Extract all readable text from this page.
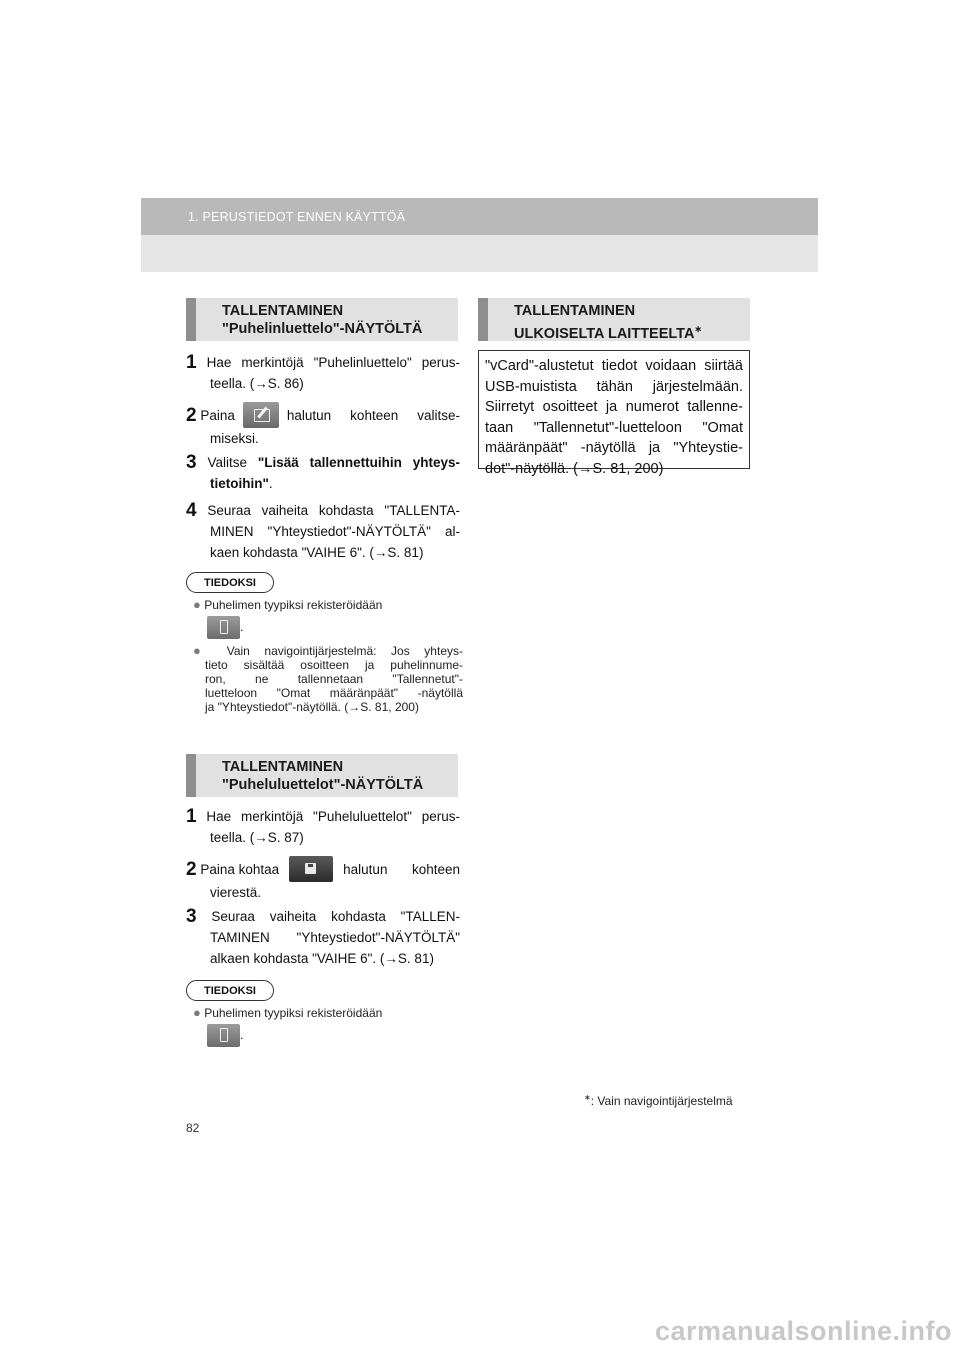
1. PERUSTIEDOT ENNEN KÄYTTÖÄ
TALLENTAMINEN
"Puhelinluettelo"-NÄYTÖLTÄ
1 Hae merkintöjä "Puhelinluettelo" perus-
teella. (→S. 86)
2
Paina	halutun kohteen valitse-
miseksi.
3 Valitse "Lisää tallennettuihin yhteys-
tietoihin".
4 Seuraa vaiheita kohdasta "TALLENTA-
MINEN "Yhteystiedot"-NÄYTÖLTÄ" al-
kaen kohdasta "VAIHE 6". (→S. 81)
TIEDOKSI
● Puhelimen tyypiksi rekisteröidään
.
● Vain navigointijärjestelmä: Jos yhteys-
tieto sisältää osoitteen ja puhelinnume-
ron, ne tallennetaan "Tallennetut"-
luetteloon "Omat määränpäät" -näytöllä
ja "Yhteystiedot"-näytöllä. (→S. 81, 200)
TALLENTAMINEN
"Puheluluettelot"-NÄYTÖLTÄ
1 Hae merkintöjä "Puheluluettelot" perus-
teella. (→S. 87)
2
Paina kohtaa	halutun kohteen
vierestä.
3 Seuraa vaiheita kohdasta "TALLEN-
TAMINEN "Yhteystiedot"-NÄYTÖLTÄ"
alkaen kohdasta "VAIHE 6". (→S. 81)
TIEDOKSI
● Puhelimen tyypiksi rekisteröidään
.
TALLENTAMINEN
ULKOISELTA LAITTEELTA∗
"vCard"-alustetut tiedot voidaan siirtää
USB-muistista tähän järjestelmään.
Siirretyt osoitteet ja numerot tallenne-
taan "Tallennetut"-luetteloon "Omat
määränpäät" -näytöllä ja "Yhteystie-
dot"-näytöllä. (→S. 81, 200)
∗: Vain navigointijärjestelmä
82
carmanualsonline.info
